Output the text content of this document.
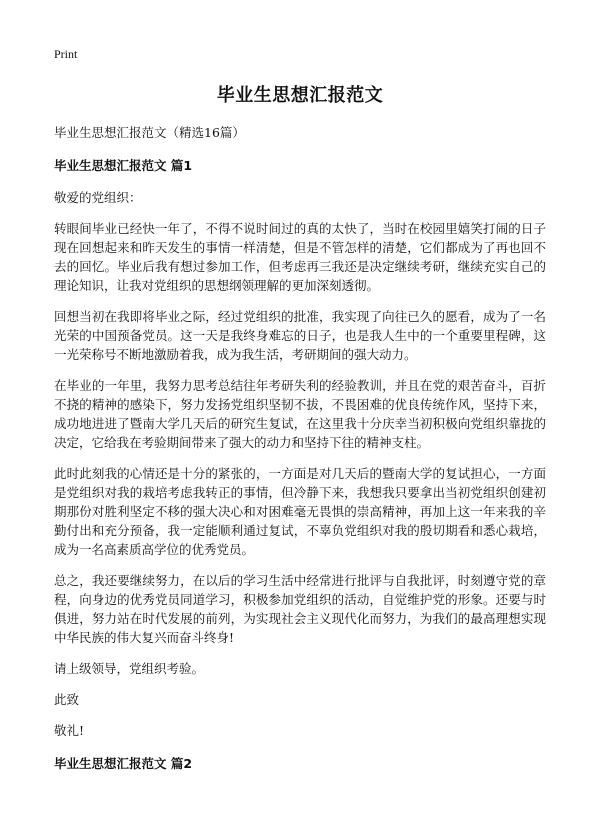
Print
毕业生思想汇报范文

毕业生思想汇报范文（精选16篇）

毕业生思想汇报范文 篇1

敬爱的党组织：

转眼间毕业已经快一年了，不得不说时间过的真的太快了，当时在校园里嬉笑打闹的日子现在回想起来和昨天发生的事情一样清楚，但是不管怎样的清楚，它们都成为了再也回不去的回忆。毕业后我有想过参加工作，但考虑再三我还是决定继续考研，继续充实自己的理论知识，让我对党组织的思想纲领理解的更加深刻透彻。

回想当初在我即将毕业之际，经过党组织的批准，我实现了向往已久的愿看，成为了一名光荣的中国预备党员。这一天是我终身难忘的日子，也是我人生中的一个重要里程碑，这一光荣称号不断地激励着我，成为我生活，考研期间的强大动力。

在毕业的一年里，我努力思考总结往年考研失利的经验教训，并且在党的艰苦奋斗，百折不挠的精神的感染下，努力发扬党组织坚韧不拔，不畏困难的优良传统作风，坚持下来，成功地进进了暨南大学几天后的研究生复试，在这里我十分庆幸当初积极向党组织靠拢的决定，它给我在考验期间带来了强大的动力和坚持下往的精神支柱。

此时此刻我的心情还是十分的紧张的，一方面是对几天后的暨南大学的复试担心，一方面是党组织对我的栽培考虑我转正的事情，但冷静下来，我想我只要拿出当初党组织创建初期那份对胜利坚定不移的强大决心和对困难毫无畏惧的崇高精神，再加上这一年来我的辛勤付出和充分预备，我一定能顺利通过复试，不辜负党组织对我的殷切期看和悉心栽培，成为一名高素质高学位的优秀党员。

总之，我还要继续努力，在以后的学习生活中经常进行批评与自我批评，时刻遵守党的章程，向身边的优秀党员同道学习，积极参加党组织的活动，自觉维护党的形象。还要与时俱进，努力站在时代发展的前列，为实现社会主义现代化而努力，为我们的最高理想实现中华民族的伟大复兴而奋斗终身!

请上级领导，党组织考验。

此致

敬礼!

毕业生思想汇报范文 篇2
